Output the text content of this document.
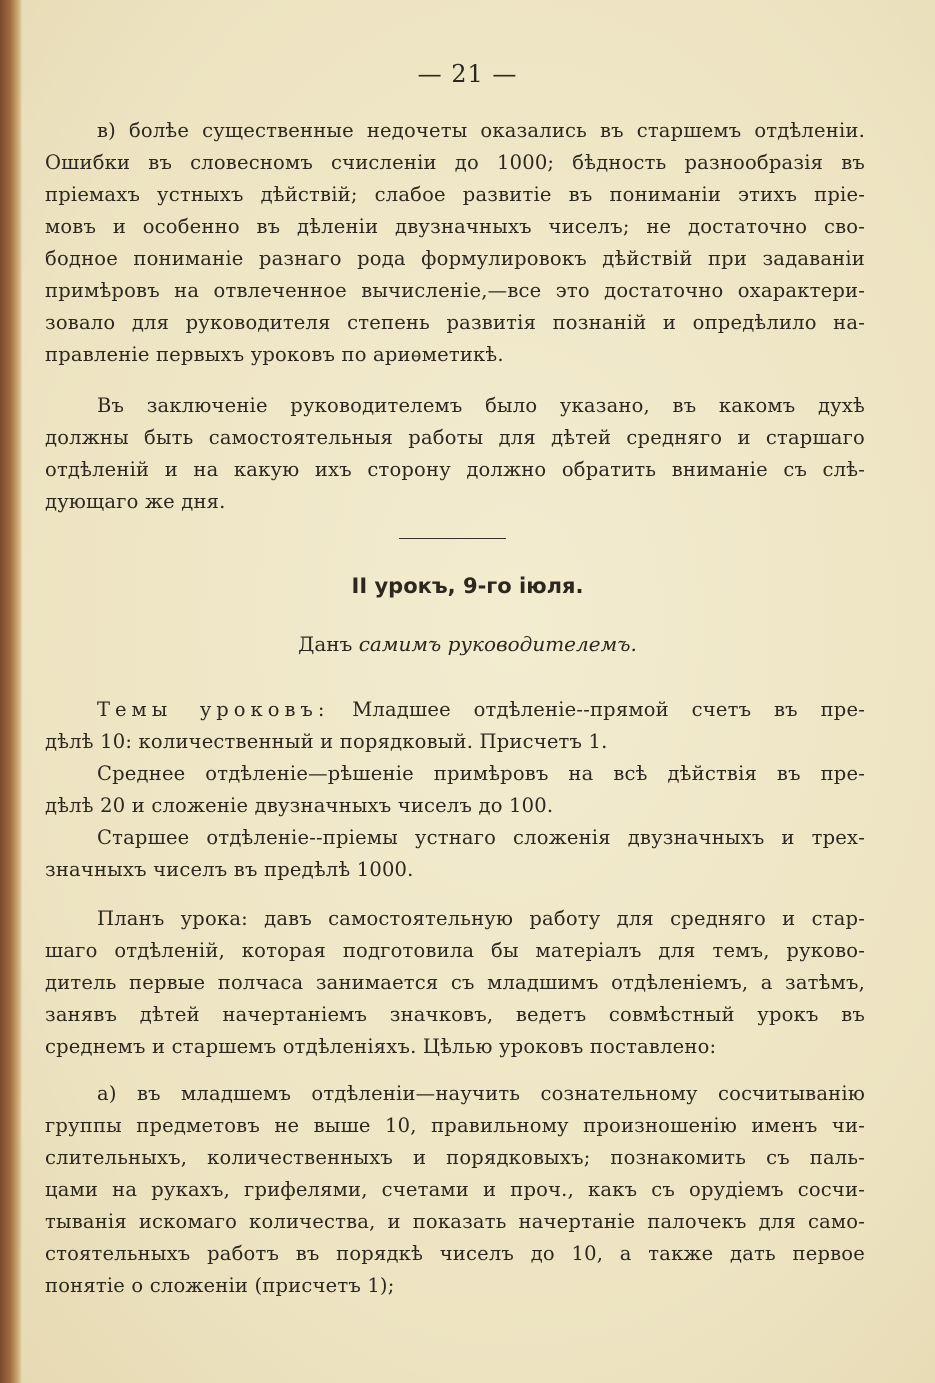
— 21 —
в) болѣе существенные недочеты оказались въ старшемъ отдѣленіи.
Ошибки въ словесномъ счисленіи до 1000; бѣдность разнообразія въ
пріемахъ устныхъ дѣйствій; слабое развитіе въ пониманіи этихъ пріе-
мовъ и особенно въ дѣленіи двузначныхъ чиселъ; не достаточно сво-
бодное пониманіе разнаго рода формулировокъ дѣйствій при задаваніи
примѣровъ на отвлеченное вычисленіе,—все это достаточно охарактери-
зовало для руководителя степень развитія познаній и опредѣлило на-
правленіе первыхъ уроковъ по ариѳметикѣ.
Въ заключеніе руководителемъ было указано, въ какомъ духѣ
должны быть самостоятельныя работы для дѣтей средняго и старшаго
отдѣленій и на какую ихъ сторону должно обратить вниманіе съ слѣ-
дующаго же дня.
II урокъ, 9-го іюля.
Данъ самимъ руководителемъ.
Темы уроковъ: Младшее отдѣленіе--прямой счетъ въ пре-
дѣлѣ 10: количественный и порядковый. Присчетъ 1.
Среднее отдѣленіе—рѣшеніе примѣровъ на всѣ дѣйствія въ пре-
дѣлѣ 20 и сложеніе двузначныхъ чиселъ до 100.
Старшее отдѣленіе--пріемы устнаго сложенія двузначныхъ и трех-
значныхъ чиселъ въ предѣлѣ 1000.
Планъ урока: давъ самостоятельную работу для средняго и стар-
шаго отдѣленій, которая подготовила бы матеріалъ для темъ, руково-
дитель первые полчаса занимается съ младшимъ отдѣленіемъ, а затѣмъ,
занявъ дѣтей начертаніемъ значковъ, ведетъ совмѣстный урокъ въ
среднемъ и старшемъ отдѣленіяхъ. Цѣлью уроковъ поставлено:
а) въ младшемъ отдѣленіи—научить сознательному сосчитыванію
группы предметовъ не выше 10, правильному произношенію именъ чи-
слительныхъ, количественныхъ и порядковыхъ; познакомить съ паль-
цами на рукахъ, грифелями, счетами и проч., какъ съ орудіемъ сосчи-
тыванія искомаго количества, и показать начертаніе палочекъ для само-
стоятельныхъ работъ въ порядкѣ чиселъ до 10, а также дать первое
понятіе о сложеніи (присчетъ 1);
